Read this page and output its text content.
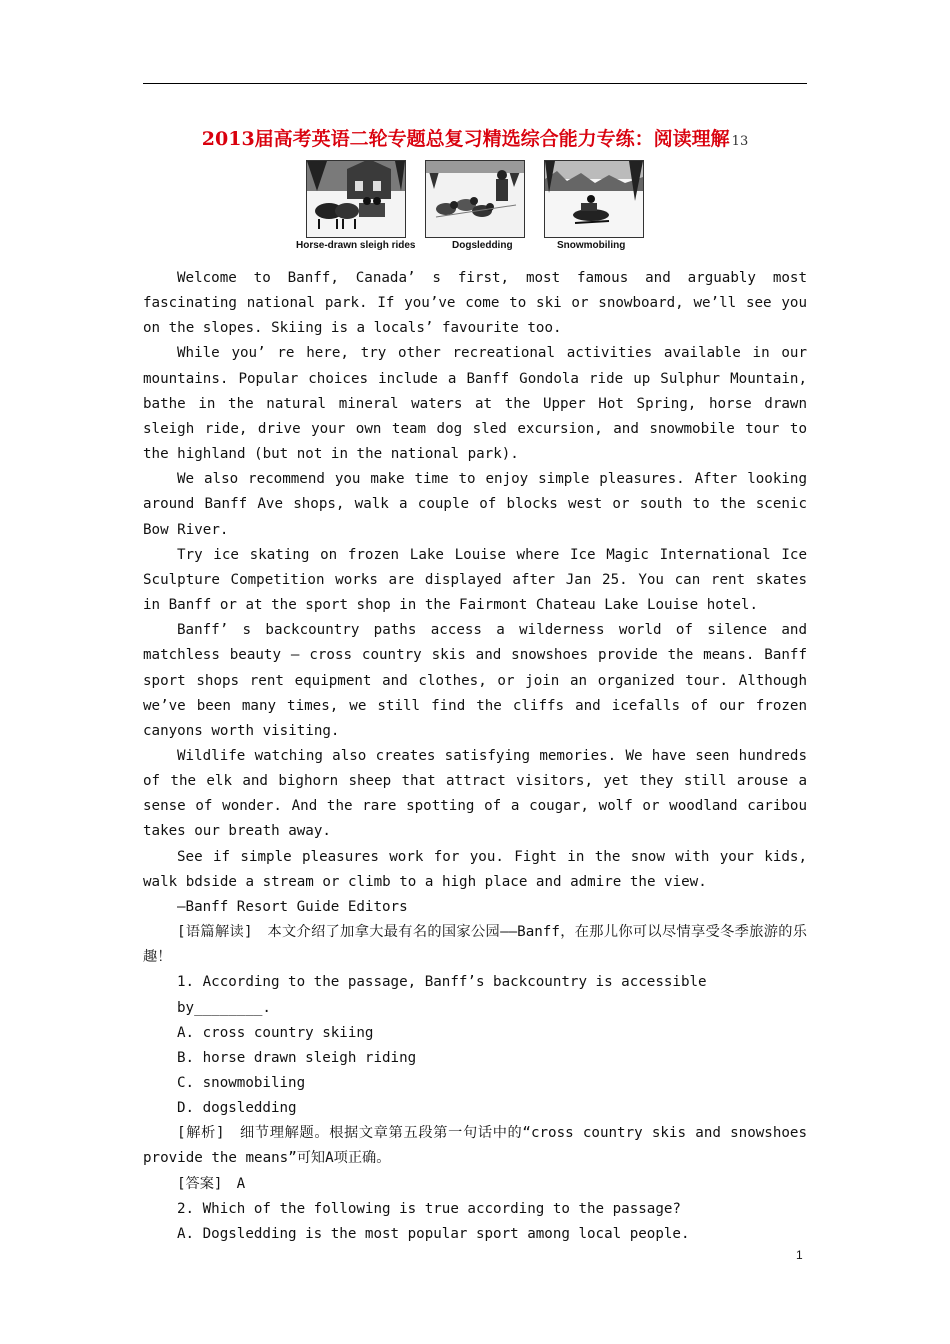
2013届高考英语二轮专题总复习精选综合能力专练：阅读理解 13
Horse-drawn sleigh rides	Dogsledding	Snowmobiling

Welcome to Banff, Canada’ s first, most famous and arguably most fascinating national park. If you’ve come to ski or snowboard, we’ll see you on the slopes. Skiing is a locals’ favourite too.

While you’ re here, try other recreational activities available in our mountains. Popular choices include a Banff Gondola ride up Sulphur Mountain, bathe in the natural mineral waters at the Upper Hot Spring, horse drawn sleigh ride, drive your own team dog sled excursion, and snowmobile tour to the highland (but not in the national park).

We also recommend you make time to enjoy simple pleasures. After looking around Banff Ave shops, walk a couple of blocks west or south to the scenic Bow River.

Try ice skating on frozen Lake Louise where Ice Magic International Ice Sculpture Competition works are displayed after Jan 25. You can rent skates in Banff or at the sport shop in the Fairmont Chateau Lake Louise hotel.

Banff’ s backcountry paths access a wilderness world of silence and matchless beauty — cross country skis and snowshoes provide the means. Banff sport shops rent equipment and clothes, or join an organized tour. Although we’ve been many times, we still find the cliffs and icefalls of our frozen canyons worth visiting.

Wildlife watching also creates satisfying memories. We have seen hundreds of the elk and bighorn sheep that attract visitors, yet they still arouse a sense of wonder. And the rare spotting of a cougar, wolf or woodland caribou takes our breath away.

See if simple pleasures work for you. Fight in the snow with your kids, walk bdside a stream or climb to a high place and admire the view.

—Banff Resort Guide Editors

[语篇解读]　本文介绍了加拿大最有名的国家公园——Banff，在那儿你可以尽情享受冬季旅游的乐趣！

1. According to the passage, Banff’s backcountry is accessible by________.

A. cross country skiing

B. horse drawn sleigh riding

C. snowmobiling

D. dogsledding

[解析]　细节理解题。根据文章第五段第一句话中的“cross country skis and snowshoes provide the means”可知A项正确。

[答案]　A

2. Which of the following is true according to the passage?

A. Dogsledding is the most popular sport among local people.

1
